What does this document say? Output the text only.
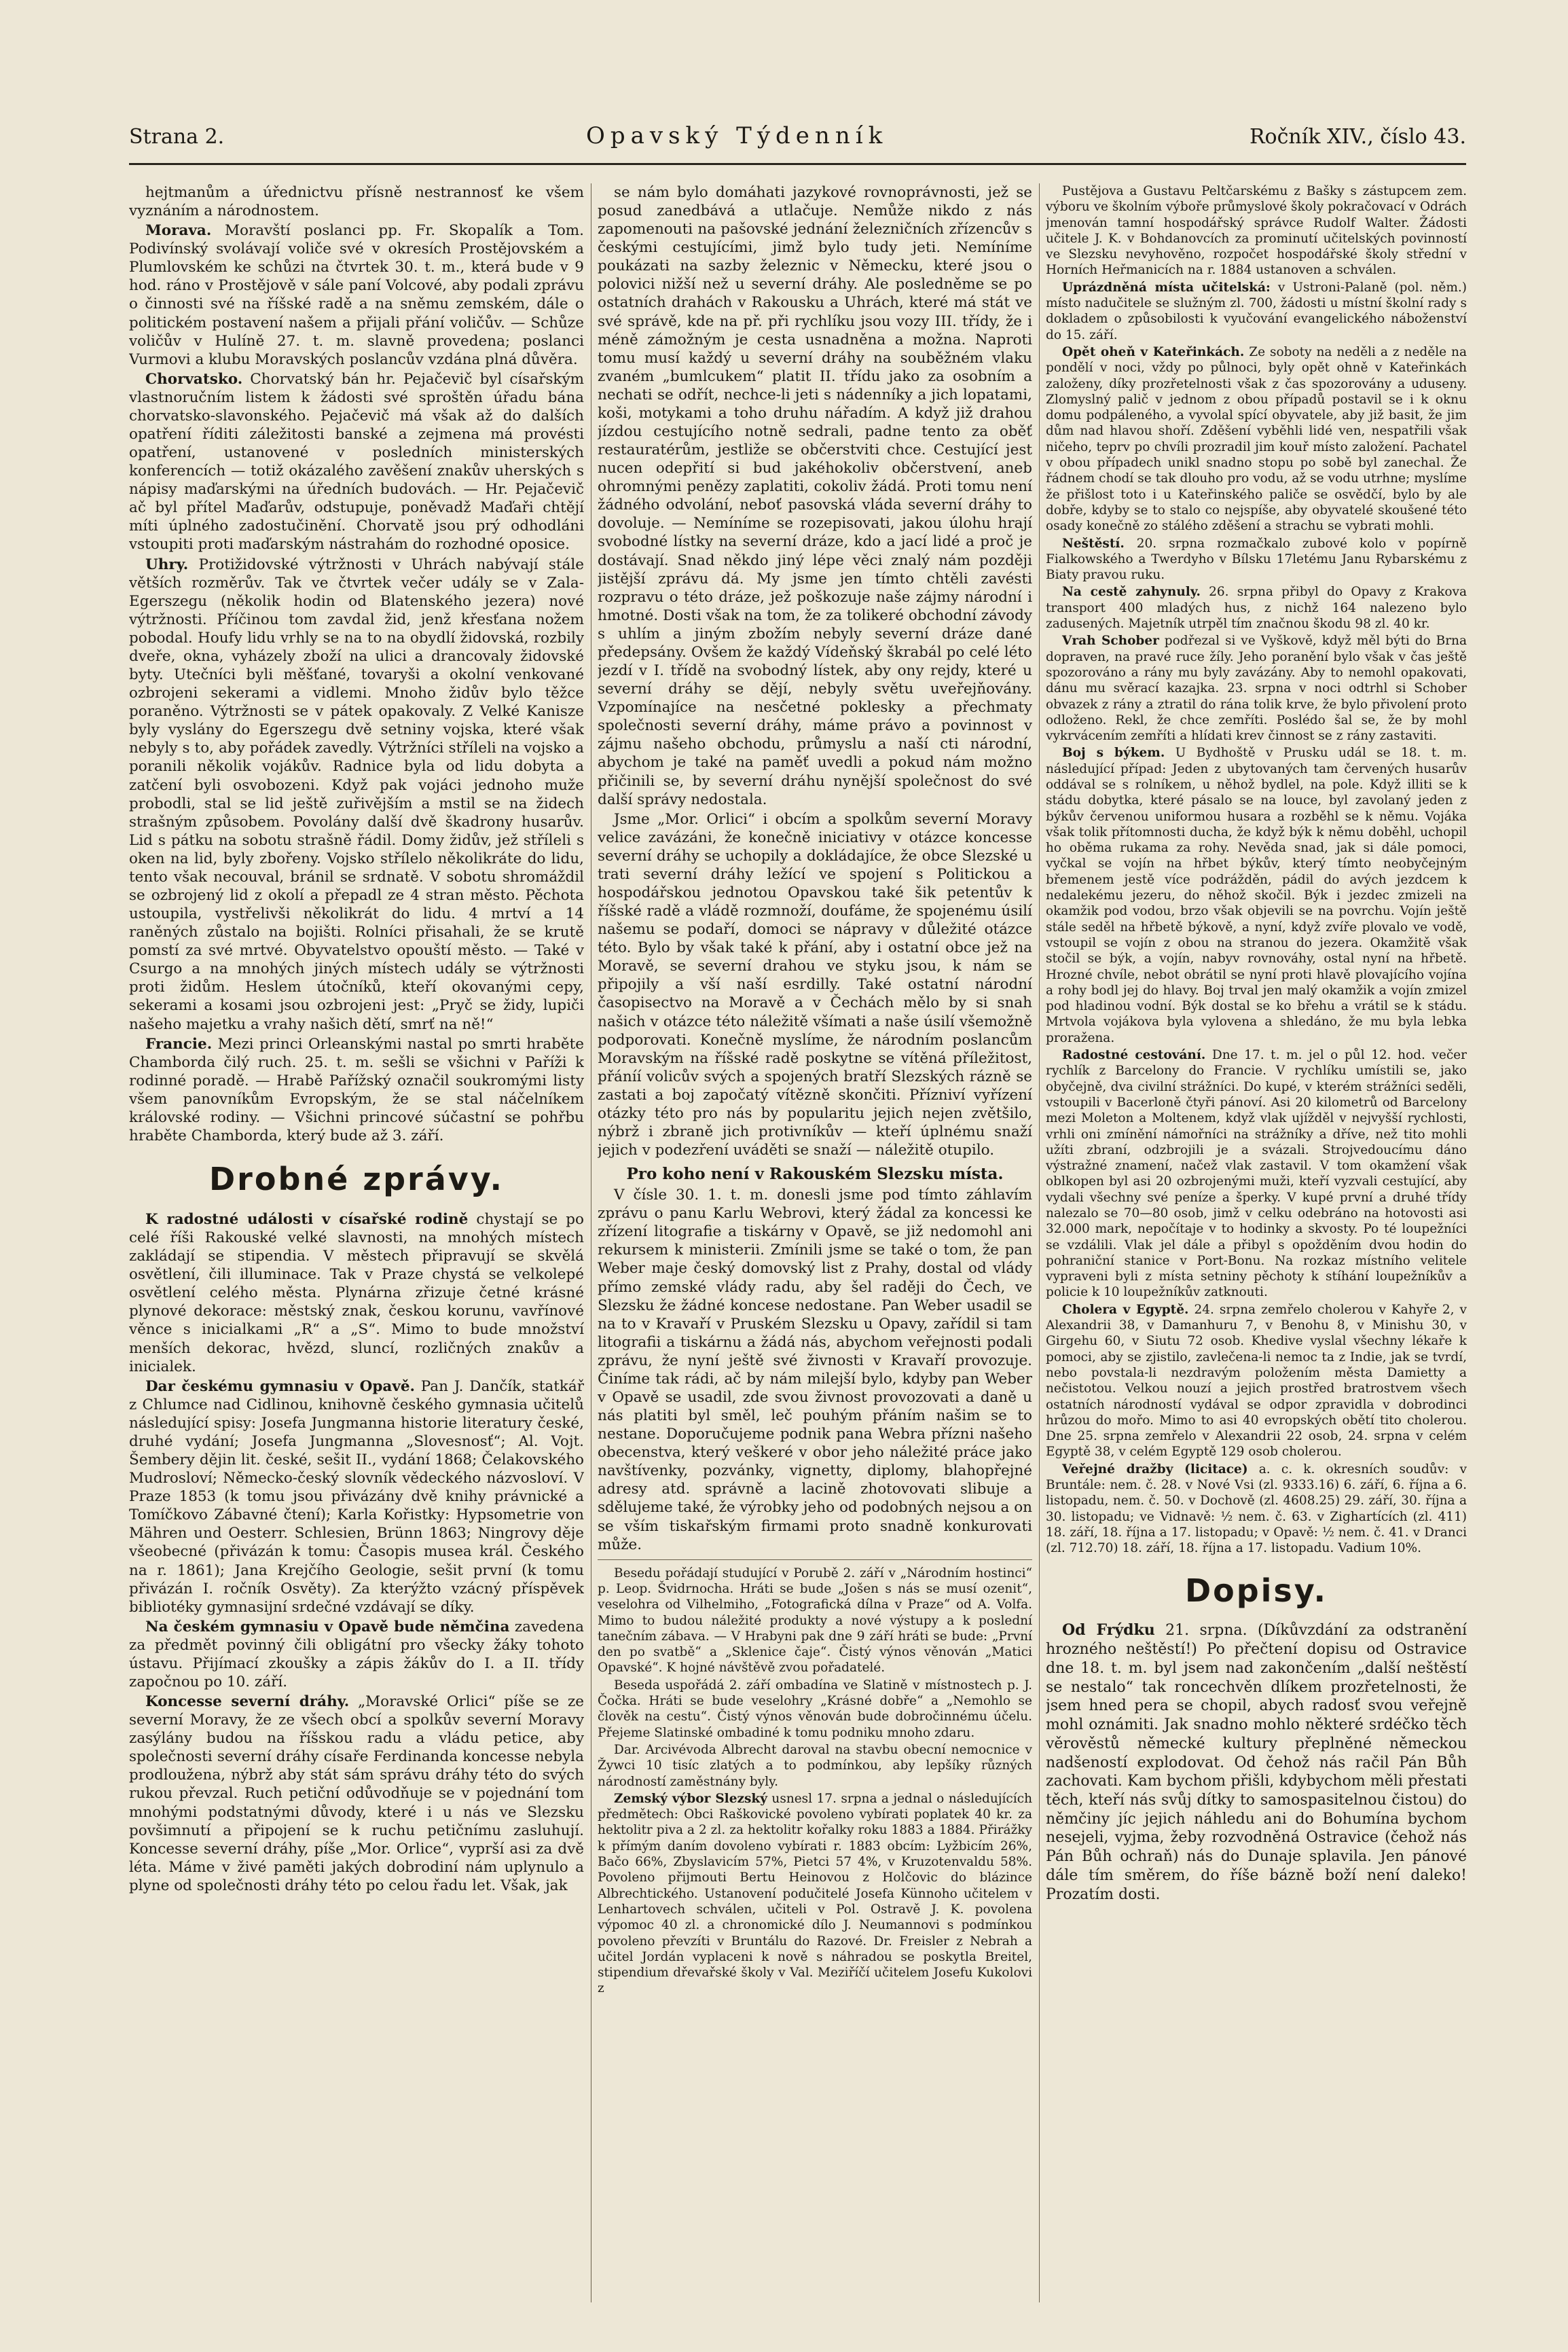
Strana 2.	Opavský Týdenník	Ročník XIV., číslo 43.

hejtmanům a úřednictvu přísně nestrannosť ke všem vyznáním a národnostem.

Morava. Moravští poslanci pp. Fr. Skopalík a Tom. Podivínský svolávají voliče své v okresích Prostějovském a Plumlovském ke schůzi na čtvrtek 30. t. m., která bude v 9 hod. ráno v Prostějově v sále paní Volcové, aby podali zprávu o činnosti své na říšské radě a na sněmu zemském, dále o politickém postavení našem a přijali přání voličův. — Schůze voličův v Hulíně 27. t. m. slavně provedena; poslanci Vurmovi a klubu Moravských poslancův vzdána plná důvěra.

Chorvatsko. Chorvatský bán hr. Pejačevič byl císařským vlastnoručním listem k žádosti své sproštěn úřadu bána chorvatsko-slavonského. Pejačevič má však až do dalších opatření říditi záležitosti banské a zejmena má provésti opatření, ustanovené v posledních ministerských konferencích — totiž okázalého zavěšení znakův uherských s nápisy maďarskými na úředních budovách. — Hr. Pejačevič ač byl přítel Maďarův, odstupuje, poněvadž Maďaři chtějí míti úplného zadostučinění. Chorvatě jsou prý odhodláni vstoupiti proti maďarským nástrahám do rozhodné oposice.

Uhry. Protižidovské výtržnosti v Uhrách nabývají stále větších rozměrův. Tak ve čtvrtek večer udály se v Zala-Egerszegu (několik hodin od Blatenského jezera) nové výtržnosti. Příčinou tom zavdal žid, jenž křesťana nožem pobodal. Houfy lidu vrhly se na to na obydlí židovská, rozbily dveře, okna, vyházely zboží na ulici a drancovaly židovské byty. Utečníci byli měšťané, tovaryši a okolní venkované ozbrojeni sekerami a vidlemi. Mnoho židův bylo těžce poraněno. Výtržnosti se v pátek opakovaly. Z Velké Kanisze byly vyslány do Egerszegu dvě setniny vojska, které však nebyly s to, aby pořádek zavedly. Výtržníci stříleli na vojsko a poranili několik vojákův. Radnice byla od lidu dobyta a zatčení byli osvobozeni. Když pak vojáci jednoho muže probodli, stal se lid ještě zuřivějším a mstil se na židech strašným způsobem. Povolány další dvě škadrony husarův. Lid s pátku na sobotu strašně řádil. Domy židův, jež stříleli s oken na lid, byly zbořeny. Vojsko střílelo několikráte do lidu, tento však necouval, bránil se srdnatě. V sobotu shromáždil se ozbrojený lid z okolí a přepadl ze 4 stran město. Pěchota ustoupila, vystřelivši několikrát do lidu. 4 mrtví a 14 raněných zůstalo na bojišti. Rolníci přisahali, že se krutě pomstí za své mrtvé. Obyvatelstvo opouští město. — Také v Csurgo a na mnohých jiných místech udály se výtržnosti proti židům. Heslem útočníků, kteří okovanými cepy, sekerami a kosami jsou ozbrojeni jest: „Pryč se židy, lupiči našeho majetku a vrahy našich dětí, smrť na ně!“

Francie. Mezi princi Orleanskými nastal po smrti hraběte Chamborda čilý ruch. 25. t. m. sešli se všichni v Paříži k rodinné poradě. — Hrabě Pařížský označil soukromými listy všem panovníkům Evropským, že se stal náčelníkem královské rodiny. — Všichni princové súčastní se pohřbu hraběte Chamborda, který bude až 3. září.

Drobné zprávy.

K radostné události v císařské rodině chystají se po celé říši Rakouské velké slavnosti, na mnohých místech zakládají se stipendia. V městech připravují se skvělá osvětlení, čili illuminace. Tak v Praze chystá se velkolepé osvětlení celého města. Plynárna zřizuje četné krásné plynové dekorace: městský znak, českou korunu, vavřínové věnce s inicialkami „R“ a „S“. Mimo to bude množství menších dekorac, hvězd, sluncí, rozličných znakův a inicialek.

Dar českému gymnasiu v Opavě. Pan J. Dančík, statkář z Chlumce nad Cidlinou, knihovně českého gymnasia učitelů následující spisy: Josefa Jungmanna historie literatury české, druhé vydání; Josefa Jungmanna „Slovesnosť“; Al. Vojt. Šembery dějin lit. české, sešit II., vydání 1868; Čelakovského Mudrosloví; Německo-český slovník vědeckého názvosloví. V Praze 1853 (k tomu jsou přivázány dvě knihy právnické a Tomíčkovo Zábavné čtení); Karla Kořistky: Hypsometrie von Mähren und Oesterr. Schlesien, Brünn 1863; Ningrovy děje všeobecné (přivázán k tomu: Časopis musea král. Českého na r. 1861); Jana Krejčího Geologie, sešit první (k tomu přivázán I. ročník Osvěty). Za kterýžto vzácný příspěvek bibliotéky gymnasijní srdečné vzdávají se díky.

Na českém gymnasiu v Opavě bude němčina zavedena za předmět povinný čili obligátní pro všecky žáky tohoto ústavu. Přijímací zkoušky a zápis žákův do I. a II. třídy započnou po 10. září.

Koncesse severní dráhy. „Moravské Orlici“ píše se ze severní Moravy, že ze všech obcí a spolkův severní Moravy zasýlány budou na říšskou radu a vládu petice, aby společnosti severní dráhy císaře Ferdinanda koncesse nebyla prodloužena, nýbrž aby stát sám správu dráhy této do svých rukou převzal. Ruch petiční odůvodňuje se v pojednání tom mnohými podstatnými důvody, které i u nás ve Slezsku povšimnutí a připojení se k ruchu petičnímu zasluhují. Koncesse severní dráhy, píše „Mor. Orlice“, vyprší asi za dvě léta. Máme v živé paměti jakých dobrodiní nám uplynulo a plyne od společnosti dráhy této po celou řadu let. Však, jak

se nám bylo domáhati jazykové rovnoprávnosti, jež se posud zanedbává a utlačuje. Nemůže nikdo z nás zapomenouti na pašovské jednání železničních zřízencův s českými cestujícími, jimž bylo tudy jeti. Nemíníme poukázati na sazby železnic v Německu, které jsou o polovici nižší než u severní dráhy. Ale posledněme se po ostatních drahách v Rakousku a Uhrách, které má stát ve své správě, kde na př. při rychlíku jsou vozy III. třídy, že i méně zámožným je cesta usnadněna a možna. Naproti tomu musí každý u severní dráhy na souběžném vlaku zvaném „bumlcukem“ platit II. třídu jako za osobním a nechati se odřít, nechce-li jeti s nádenníky a jich lopatami, koši, motykami a toho druhu nářadím. A když již drahou jízdou cestujícího notně sedrali, padne tento za oběť restauratérům, jestliže se občerstviti chce. Cestující jest nucen odepřití si bud jakéhokoliv občerstvení, aneb ohromnými penězy zaplatiti, cokoliv žádá. Proti tomu není žádného odvolání, neboť pasovská vláda severní dráhy to dovoluje. — Nemíníme se rozepisovati, jakou úlohu hrají svobodné lístky na severní dráze, kdo a jací lidé a proč je dostávají. Snad někdo jiný lépe věci znalý nám později jistější zprávu dá. My jsme jen tímto chtěli zavésti rozpravu o této dráze, jež poškozuje naše zájmy národní i hmotné. Dosti však na tom, že za tolikeré obchodní závody s uhlím a jiným zbožím nebyly severní dráze dané předepsány. Ovšem že každý Vídeňský škrabál po celé léto jezdí v I. třídě na svobodný lístek, aby ony rejdy, které u severní dráhy se dějí, nebyly světu uveřejňovány. Vzpomínajíce na nesčetné poklesky a přechmaty společnosti severní dráhy, máme právo a povinnost v zájmu našeho obchodu, průmyslu a naší cti národní, abychom je také na paměť uvedli a pokud nám možno přičinili se, by severní dráhu nynější společnost do své další správy nedostala.

Jsme „Mor. Orlici“ i obcím a spolkům severní Moravy velice zavázáni, že konečně iniciativy v otázce koncesse severní dráhy se uchopily a dokládajíce, že obce Slezské u trati severní dráhy ležící ve spojení s Politickou a hospodářskou jednotou Opavskou také šik petentův k říšské radě a vládě rozmnoží, doufáme, že spojenému úsilí našemu se podaří, domoci se nápravy v důležité otázce této. Bylo by však také k přání, aby i ostatní obce jež na Moravě, se severní drahou ve styku jsou, k nám se připojily a vší naší esrdilly. Také ostatní národní časopisectvo na Moravě a v Čechách mělo by si snah našich v otázce této náležitě všímati a naše úsilí všemožně podporovati. Konečně myslíme, že národním poslancům Moravským na říšské radě poskytne se vítěná příležitost, přáníí volicův svých a spojených bratří Slezských rázně se zastati a boj započatý vítězně skončiti. Přízniví vyřízení otázky této pro nás by popularitu jejich nejen zvětšilo, nýbrž i zbraně jich protivníkův — kteří úplnému snaží jejich v podezření uváděti se snaží — náležitě otupilo.

Pro koho není v Rakouském Slezsku místa.

V čísle 30. 1. t. m. donesli jsme pod tímto záhlavím zprávu o panu Karlu Webrovi, který žádal za koncessi ke zřízení litografie a tiskárny v Opavě, se již nedomohl ani rekursem k ministerii. Zmínili jsme se také o tom, že pan Weber maje český domovský list z Prahy, dostal od vlády přímo zemské vlády radu, aby šel raději do Čech, ve Slezsku že žádné koncese nedostane. Pan Weber usadil se na to v Kravaří v Pruském Slezsku u Opavy, zařídil si tam litografii a tiskárnu a žádá nás, abychom veřejnosti podali zprávu, že nyní ještě své živnosti v Kravaří provozuje. Činíme tak rádi, ač by nám milejší bylo, kdyby pan Weber v Opavě se usadil, zde svou živnost provozovati a daně u nás platiti byl směl, leč pouhým přáním našim se to nestane. Doporučujeme podnik pana Webra přízni našeho obecenstva, který veškeré v obor jeho náležité práce jako navštívenky, pozvánky, vignetty, diplomy, blahopřejné adresy atd. správně a lacině zhotovovati slibuje a sdělujeme také, že výrobky jeho od podobných nejsou a on se vším tiskařským firmami proto snadně konkurovati může.

Besedu pořádají studující v Porubě 2. září v „Národním hostinci“ p. Leop. Švidrnocha. Hráti se bude „Jošen s nás se musí ozenit“, veselohra od Vilhelmiho, „Fotografická dílna v Praze“ od A. Volfa. Mimo to budou náležité produkty a nové výstupy a k poslední tanečním zábava. — V Hrabyni pak dne 9 září hráti se bude: „První den po svatbě“ a „Sklenice čaje“. Čistý výnos věnován „Matici Opavské“. K hojné návštěvě zvou pořadatelé.

Beseda uspořádá 2. září ombadína ve Slatině v místnostech p. J. Čočka. Hráti se bude veselohry „Krásné dobře“ a „Nemohlo se člověk na cestu“. Čistý výnos věnován bude dobročinnému účelu. Přejeme Slatinské ombadiné k tomu podniku mnoho zdaru.

Dar. Arcivévoda Albrecht daroval na stavbu obecní nemocnice v Žywci 10 tisíc zlatých a to podmínkou, aby lepšíky různých národností zaměstnány byly.

Zemský výbor Slezský usnesl 17. srpna a jednal o následujících předmětech: Obci Raškovické povoleno vybírati poplatek 40 kr. za hektolitr piva a 2 zl. za hektolitr kořalky roku 1883 a 1884. Přirážky k přímým daním dovoleno vybírati r. 1883 obcím: Lyžbicím 26%, Bačo 66%, Zbyslavicím 57%, Pietci 57 4%, v Kruzotenvaldu 58%. Povoleno přijmouti Bertu Heinovou z Holčovic do blázince Albrechtického. Ustanovení podučitelé Josefa Künnoho učitelem v Lenhartovech schválen, učiteli v Pol. Ostravě J. K. povolena výpomoc 40 zl. a chronomické dílo J. Neumannovi s podmínkou povoleno převzíti v Bruntálu do Razové. Dr. Freisler z Nebrah a učitel Jordán vyplaceni k nově s náhradou se poskytla Breitel, stipendium dřevařské školy v Val. Meziříčí učitelem Josefu Kukolovi z

Pustějova a Gustavu Peltčarskému z Bašky s zástupcem zem. výboru ve školním výboře průmyslové školy pokračovací v Odrách jmenován tamní hospodářský správce Rudolf Walter. Žádosti učitele J. K. v Bohdanovcích za prominutí učitelských povinností ve Slezsku nevyhověno, rozpočet hospodářské školy střední v Horních Heřmanicích na r. 1884 ustanoven a schválen.

Uprázdněná místa učitelská: v Ustroni-Palaně (pol. něm.) místo nadučitele se služným zl. 700, žádosti u místní školní rady s dokladem o způsobilosti k vyučování evangelického náboženství do 15. září.

Opět oheň v Kateřinkách. Ze soboty na neděli a z neděle na pondělí v noci, vždy po půlnoci, byly opět ohně v Kateřinkách založeny, díky prozřetelnosti však z čas spozorovány a uduseny. Zlomyslný palič v jednom z obou případů postavil se i k oknu domu podpáleného, a vyvolal spící obyvatele, aby již basit, že jim dům nad hlavou shoří. Zděšení vyběhli lidé ven, nespatřili však ničeho, teprv po chvíli prozradil jim kouř místo založení. Pachatel v obou případech unikl snadno stopu po sobě byl zanechal. Že řádnem chodí se tak dlouho pro vodu, až se vodu utrhne; myslíme že přišlost toto i u Kateřinského paliče se osvědčí, bylo by ale dobře, kdyby se to stalo co nejspíše, aby obyvatelé skoušené této osady konečně zo stálého zděšení a strachu se vybrati mohli.

Neštěstí. 20. srpna rozmačkalo zubové kolo v popírně Fialkowského a Twerdyho v Bílsku 17letému Janu Rybarskému z Biaty pravou ruku.

Na cestě zahynuly. 26. srpna přibyl do Opavy z Krakova transport 400 mladých hus, z nichž 164 nalezeno bylo zadusených. Majetník utrpěl tím značnou škodu 98 zl. 40 kr.

Vrah Schober podřezal si ve Vyškově, když měl býti do Brna dopraven, na pravé ruce žíly. Jeho poranění bylo však v čas ještě spozorováno a rány mu byly zavázány. Aby to nemohl opakovati, dánu mu svěrací kazajka. 23. srpna v noci odtrhl si Schober obvazek z rány a ztratil do rána tolik krve, že bylo přivolení proto odloženo. Rekl, že chce zemříti. Poslédo šal se, že by mohl vykrvácením zemříti a hlídati krev činnost se z rány zastaviti.

Boj s býkem. U Bydhoště v Prusku udál se 18. t. m. následující případ: Jeden z ubytovaných tam červených husarův oddával se s rolníkem, u něhož bydlel, na pole. Když illiti se k stádu dobytka, které pásalo se na louce, byl zavolaný jeden z býkův červenou uniformou husara a rozběhl se k němu. Vojáka však tolik přítomnosti ducha, že když býk k němu doběhl, uchopil ho oběma rukama za rohy. Nevěda snad, jak si dále pomoci, vyčkal se vojín na hřbet býkův, který tímto neobyčejným břemenem jestě více podrážděn, pádil do avých jezdcem k nedalekému jezeru, do něhož skočil. Býk i jezdec zmizeli na okamžik pod vodou, brzo však objevili se na povrchu. Vojín ještě stále seděl na hřbetě býkově, a nyní, když zvíře plovalo ve vodě, vstoupil se vojín z obou na stranou do jezera. Okamžitě však stočil se býk, a vojín, nabyv rovnováhy, ostal nyní na hřbetě. Hrozné chvíle, nebot obrátil se nyní proti hlavě plovajícího vojína a rohy bodl jej do hlavy. Boj trval jen malý okamžik a vojín zmizel pod hladinou vodní. Býk dostal se ko břehu a vrátil se k stádu. Mrtvola vojákova byla vylovena a shledáno, že mu byla lebka proražena.

Radostné cestování. Dne 17. t. m. jel o půl 12. hod. večer rychlík z Barcelony do Francie. V rychlíku umístili se, jako obyčejně, dva civilní strážníci. Do kupé, v kterém strážníci seděli, vstoupili v Bacerloně čtyři pánoví. Asi 20 kilometrů od Barcelony mezi Moleton a Moltenem, když vlak ujížděl v nejvyšší rychlosti, vrhli oni zmínění námořníci na strážníky a dříve, než tito mohli užíti zbraní, odzbrojili je a svázali. Strojvedoucímu dáno výstražné znamení, načež vlak zastavil. V tom okamžení však oblkopen byl asi 20 ozbrojenými muži, kteří vyzvali cestující, aby vydali všechny své peníze a šperky. V kupé první a druhé třídy nalezalo se 70—80 osob, jimž v celku odebráno na hotovosti asi 32.000 mark, nepočítaje v to hodinky a skvosty. Po té loupežníci se vzdálili. Vlak jel dále a přibyl s opožděním dvou hodin do pohraniční stanice v Port-Bonu. Na rozkaz místního velitele vypraveni byli z místa setniny pěchoty k stíhání loupežníkův a policie k 10 loupežníkův zatknouti.

Cholera v Egyptě. 24. srpna zemřelo cholerou v Kahyře 2, v Alexandrii 38, v Damanhuru 7, v Benohu 8, v Minishu 30, v Girgehu 60, v Siutu 72 osob. Khedive vyslal všechny lékaře k pomoci, aby se zjistilo, zavlečena-li nemoc ta z Indie, jak se tvrdí, nebo povstala-li nezdravým položením města Damietty a nečistotou. Velkou nouzí a jejich prostřed bratrostvem všech ostatních národností vydával se odpor zpravidla v dobrodinci hrůzou do mořo. Mimo to asi 40 evropských obětí tito cholerou. Dne 25. srpna zemřelo v Alexandrii 22 osob, 24. srpna v celém Egyptě 38, v celém Egyptě 129 osob cholerou.

Veřejné dražby (licitace) a. c. k. okresních soudův: v Bruntále: nem. č. 28. v Nové Vsi (zl. 9333.16) 6. září, 6. října a 6. listopadu, nem. č. 50. v Dochově (zl. 4608.25) 29. září, 30. října a 30. listopadu; ve Vidnavě: ½ nem. č. 63. v Zighartících (zl. 411) 18. září, 18. října a 17. listopadu; v Opavě: ½ nem. č. 41. v Dranci (zl. 712.70) 18. září, 18. října a 17. listopadu. Vadium 10%.

Dopisy.

Od Frýdku 21. srpna. (Díkůvzdání za odstranění hrozného neštěstí!) Po přečtení dopisu od Ostravice dne 18. t. m. byl jsem nad zakončením „další neštěstí se nestalo“ tak roncechvěn dlíkem prozřetelnosti, že jsem hned pera se chopil, abych radosť svou veřejně mohl oznámiti. Jak snadno mohlo některé srdéčko těch věrověstů německé kultury přeplněné německou nadšeností explodovat. Od čehož nás račil Pán Bůh zachovati. Kam bychom přišli, kdybychom měli přestati těch, kteří nás svůj dítky to samospasitelnou čistou) do němčiny jíc jejich náhledu ani do Bohumína bychom nesejeli, vyjma, žeby rozvodněná Ostravice (čehož nás Pán Bůh ochraň) nás do Dunaje splavila. Jen pánové dále tím směrem, do říše bázně boží není daleko! Prozatím dosti.
